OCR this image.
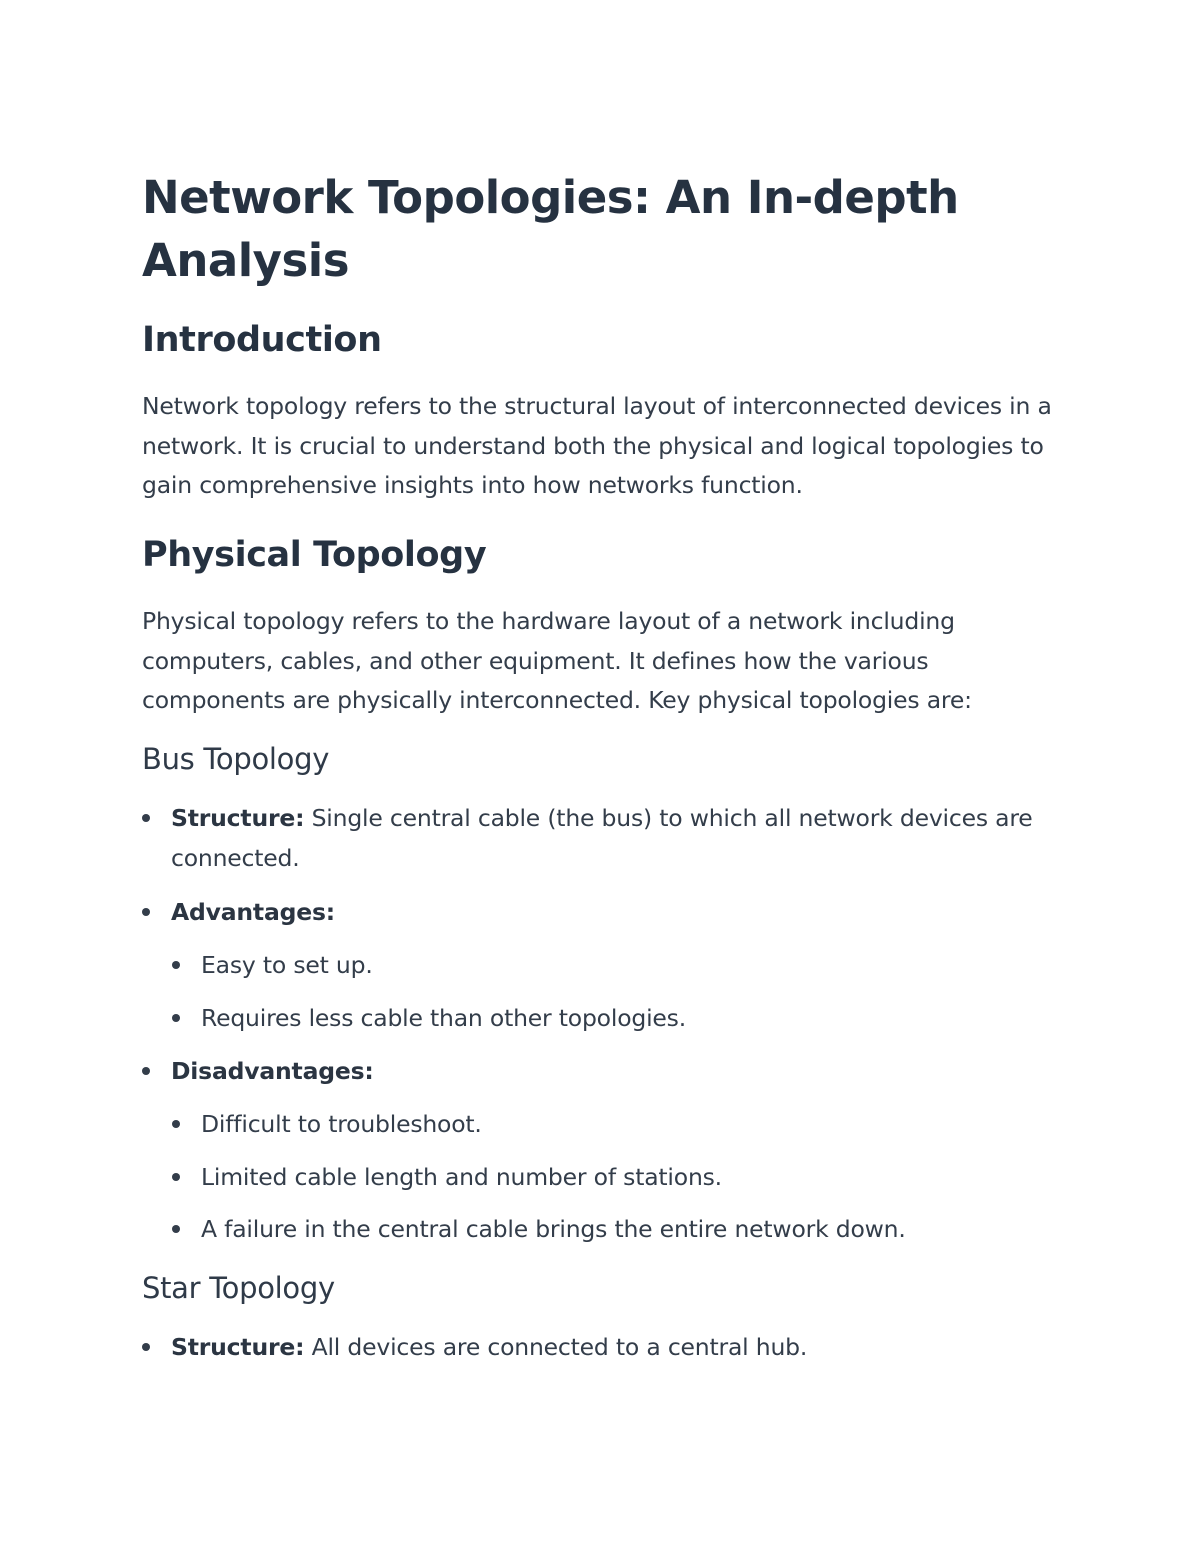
Network Topologies: An In-depth Analysis
Introduction

Network topology refers to the structural layout of interconnected devices in a network. It is crucial to understand both the physical and logical topologies to gain comprehensive insights into how networks function.

Physical Topology

Physical topology refers to the hardware layout of a network including computers, cables, and other equipment. It defines how the various components are physically interconnected. Key physical topologies are:

Bus Topology
Structure: Single central cable (the bus) to which all network devices are connected.
Advantages:
Easy to set up.
Requires less cable than other topologies.
Disadvantages:
Difficult to troubleshoot.
Limited cable length and number of stations.
A failure in the central cable brings the entire network down.
Star Topology
Structure: All devices are connected to a central hub.
